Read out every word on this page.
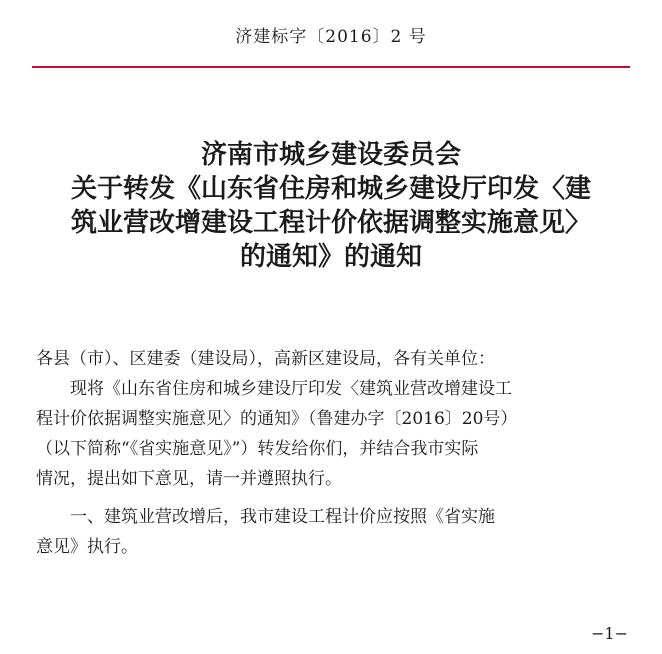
济建标字〔2016〕2 号
济南市城乡建设委员会
关于转发《山东省住房和城乡建设厅印发〈建
筑业营改增建设工程计价依据调整实施意见〉
的通知》的通知
各县（市）、区建委（建设局），高新区建设局，各有关单位：
现将《山东省住房和城乡建设厅印发〈建筑业营改增建设工
程计价依据调整实施意见〉的通知》（鲁建办字〔2016〕20号）
（以下简称“《省实施意见》”）转发给你们，并结合我市实际
情况，提出如下意见，请一并遵照执行。
一、建筑业营改增后，我市建设工程计价应按照《省实施
意见》执行。
−1−
